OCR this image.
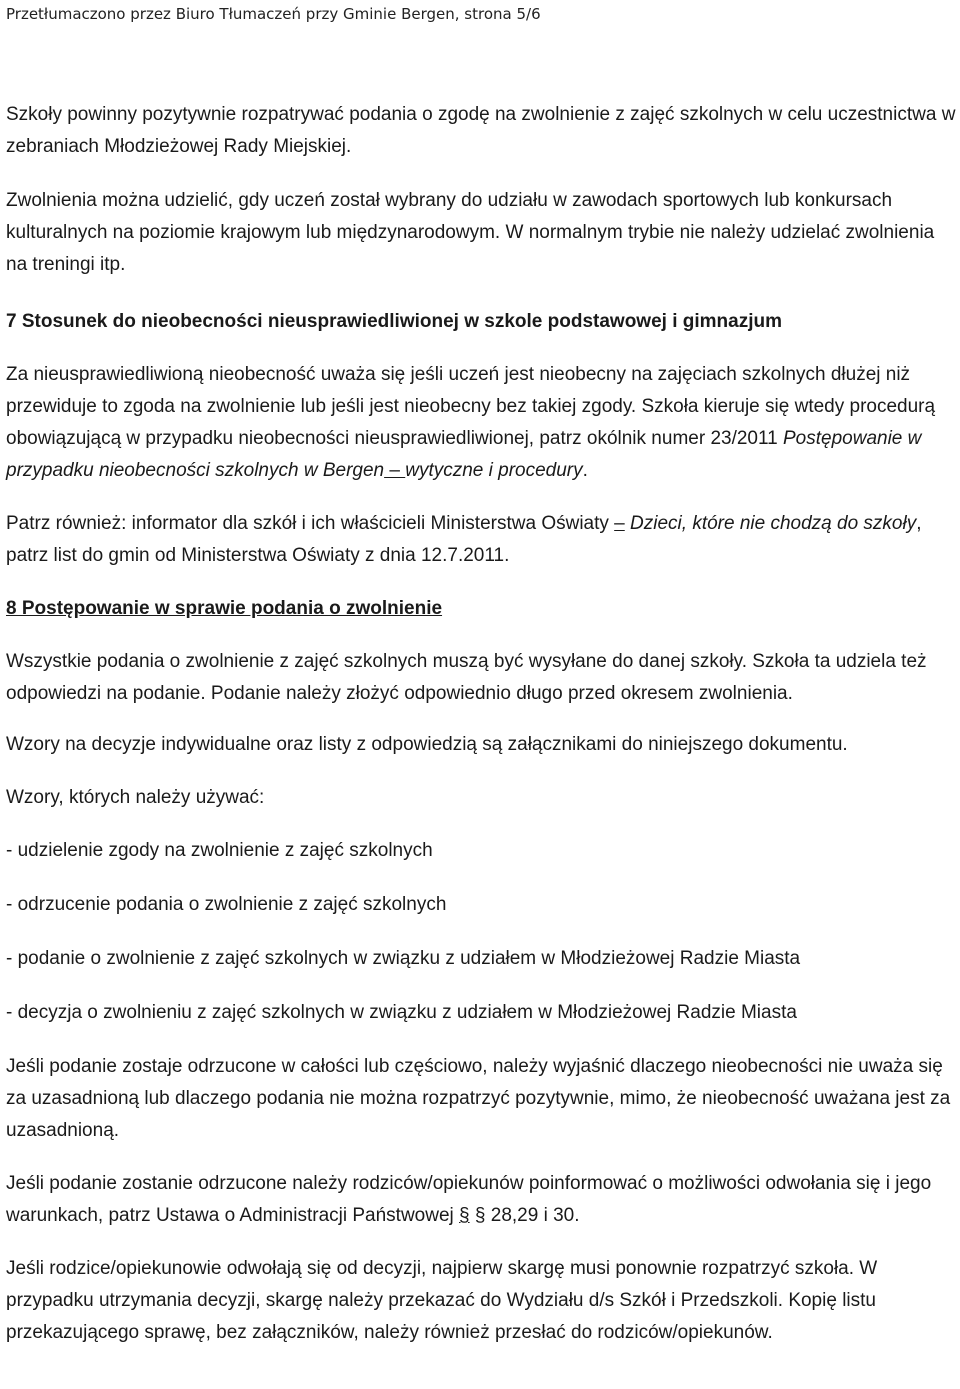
Przetłumaczono przez Biuro Tłumaczeń przy Gminie Bergen, strona 5/6

Szkoły powinny pozytywnie rozpatrywać podania o zgodę na zwolnienie z zajęć szkolnych w celu uczestnictwa w zebraniach Młodzieżowej Rady Miejskiej.

Zwolnienia można udzielić, gdy uczeń został wybrany do udziału w zawodach sportowych lub konkursach kulturalnych na poziomie krajowym lub międzynarodowym. W normalnym trybie nie należy udzielać zwolnienia na treningi itp.

7 Stosunek do nieobecności nieusprawiedliwionej w szkole podstawowej i gimnazjum

Za nieusprawiedliwioną nieobecność uważa się jeśli uczeń jest nieobecny na zajęciach szkolnych dłużej niż przewiduje to zgoda na zwolnienie lub jeśli jest nieobecny bez takiej zgody. Szkoła kieruje się wtedy procedurą obowiązującą w przypadku nieobecności nieusprawiedliwionej, patrz okólnik numer 23/2011 Postępowanie w przypadku nieobecności szkolnych w Bergen – wytyczne i procedury.

Patrz również: informator dla szkół i ich właścicieli Ministerstwa Oświaty – Dzieci, które nie chodzą do szkoły, patrz list do gmin od Ministerstwa Oświaty z dnia 12.7.2011.

8 Postępowanie w sprawie podania o zwolnienie

Wszystkie podania o zwolnienie z zajęć szkolnych muszą być wysyłane do danej szkoły. Szkoła ta udziela też odpowiedzi na podanie. Podanie należy złożyć odpowiednio długo przed okresem zwolnienia.

Wzory na decyzje indywidualne oraz listy z odpowiedzią są załącznikami do niniejszego dokumentu.

Wzory, których należy używać:

- udzielenie zgody na zwolnienie z zajęć szkolnych

- odrzucenie podania o zwolnienie z zajęć szkolnych

- podanie o zwolnienie z zajęć szkolnych w związku z udziałem w Młodzieżowej Radzie Miasta

- decyzja o zwolnieniu z zajęć szkolnych w związku z udziałem w Młodzieżowej Radzie Miasta

Jeśli podanie zostaje odrzucone w całości lub częściowo, należy wyjaśnić dlaczego nieobecności nie uważa się za uzasadnioną lub dlaczego podania nie można rozpatrzyć pozytywnie, mimo, że nieobecność uważana jest za uzasadnioną.

Jeśli podanie zostanie odrzucone należy rodziców/opiekunów poinformować o możliwości odwołania się i jego warunkach, patrz Ustawa o Administracji Państwowej § § 28,29 i 30.

Jeśli rodzice/opiekunowie odwołają się od decyzji, najpierw skargę musi ponownie rozpatrzyć szkoła. W przypadku utrzymania decyzji, skargę należy przekazać do Wydziału d/s Szkół i Przedszkoli. Kopię listu przekazującego sprawę, bez załączników, należy również przesłać do rodziców/opiekunów.
